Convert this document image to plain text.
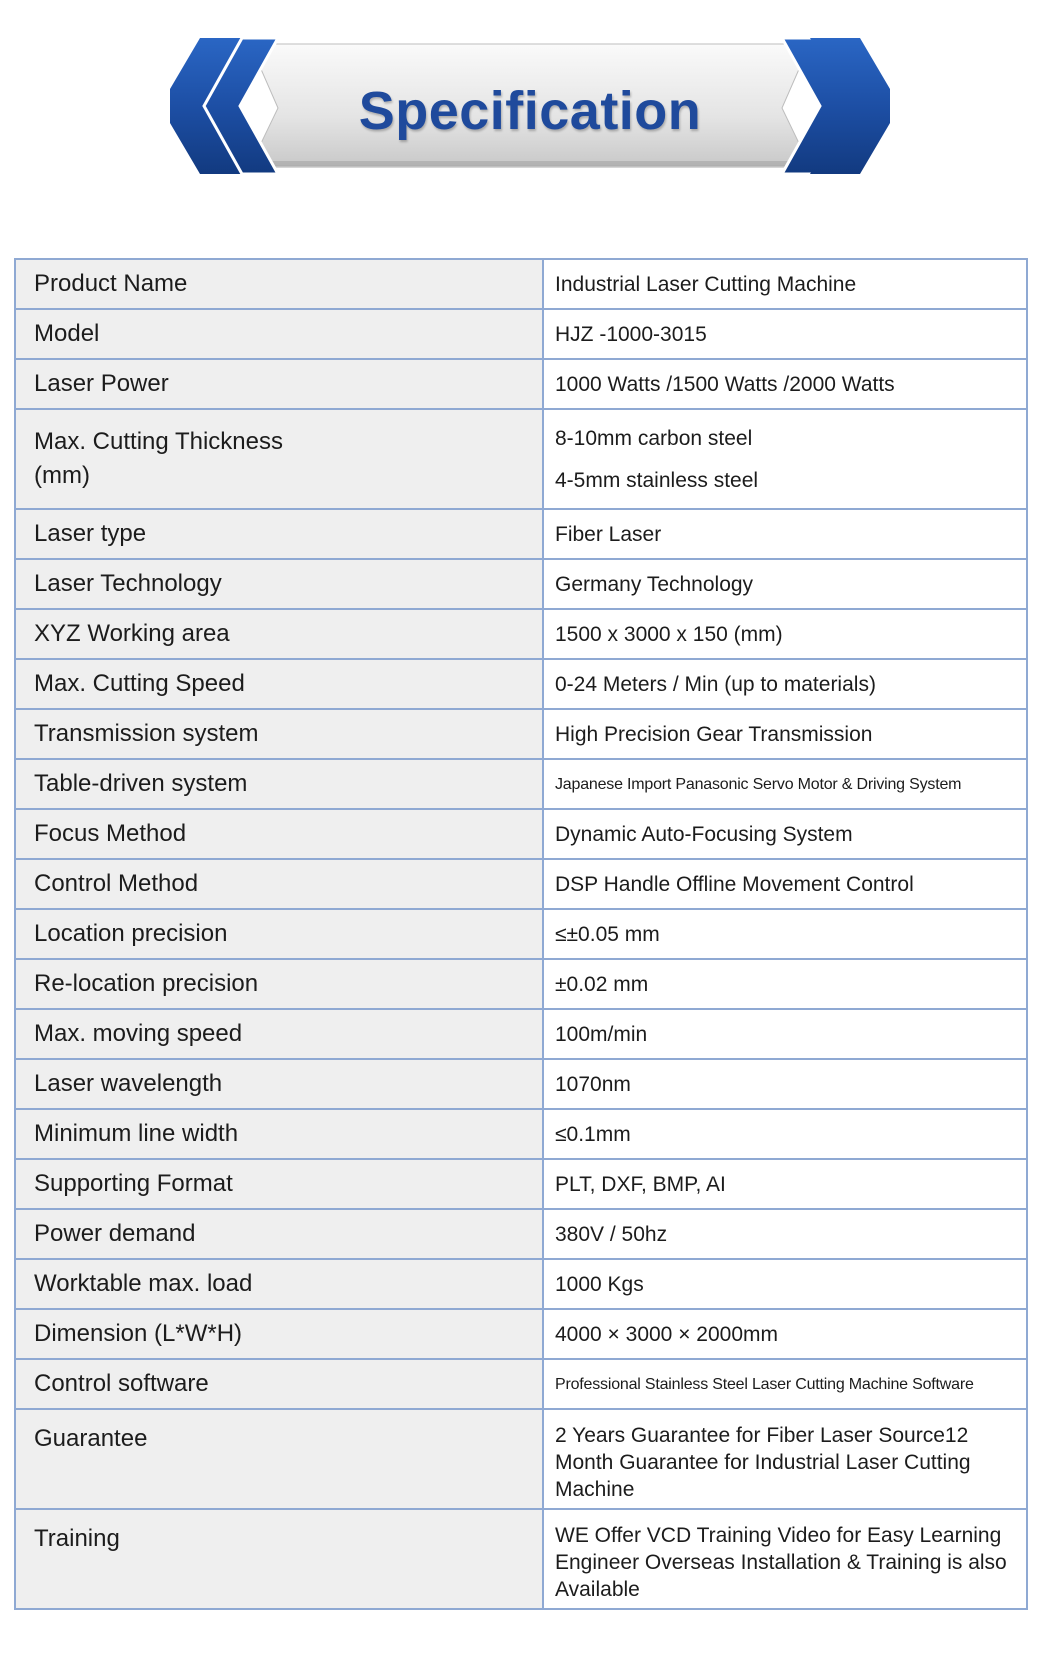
Specification
Product Name	Industrial Laser Cutting Machine

Model	HJZ -1000-3015

Laser Power	1000 Watts /1500 Watts /2000 Watts

Max. Cutting Thickness (mm)	8-10mm carbon steel
4-5mm stainless steel

Laser type	Fiber Laser

Laser Technology	Germany Technology

XYZ Working area	1500 x 3000 x 150 (mm)

Max. Cutting Speed	0-24 Meters / Min (up to materials)

Transmission system	High Precision Gear Transmission

Table-driven system	Japanese Import Panasonic Servo Motor & Driving System

Focus Method	Dynamic Auto-Focusing System

Control Method	DSP Handle Offline Movement Control

Location precision	≤±0.05 mm

Re-location precision	±0.02 mm

Max. moving speed	100m/min

Laser wavelength	1070nm

Minimum line width	≤0.1mm

Supporting Format	PLT, DXF, BMP, AI

Power demand	380V / 50hz

Worktable max. load	1000 Kgs

Dimension (L*W*H)	4000 × 3000 × 2000mm

Control software	Professional Stainless Steel Laser Cutting Machine Software

Guarantee	2 Years Guarantee for Fiber Laser Source12 Month Guarantee for Industrial Laser Cutting Machine

Training	WE Offer VCD Training Video for Easy Learning Engineer Overseas Installation & Training is also Available
